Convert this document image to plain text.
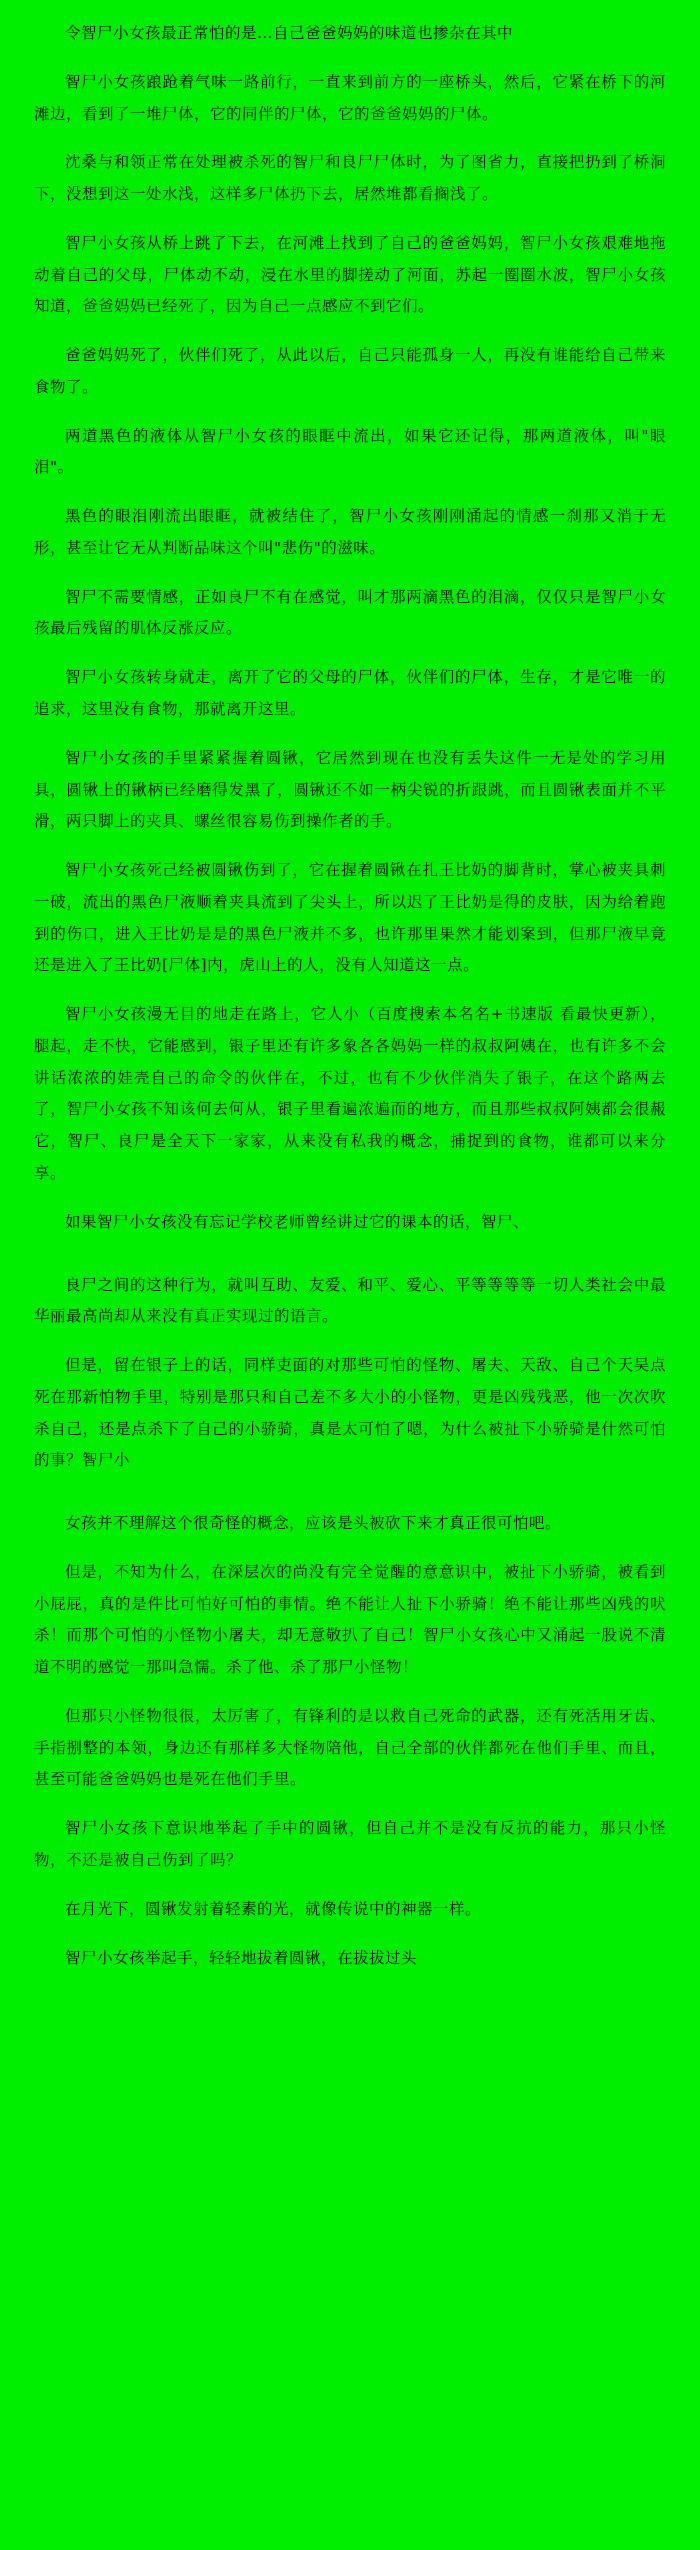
令智尸小女孩最正常怕的是…自己爸爸妈妈的味道也掺杂在其中

智尸小女孩踉跄着气味一路前行，一直来到前方的一座桥头，然后，它紧在桥下的河滩边，看到了一堆尸体，它的同伴的尸体，它的爸爸妈妈的尸体。

沈桑与和领正常在处理被杀死的智尸和良尸尸体时，为了图省力，直接把扔到了桥洞下，没想到这一处水浅，这样多尸体扔下去，居然堆都看搁浅了。

智尸小女孩从桥上跳了下去，在河滩上找到了自己的爸爸妈妈，智尸小女孩艰难地拖动着自己的父母，尸体动不动，浸在水里的脚搓动了河面，苏起一圈圈水波，智尸小女孩知道，爸爸妈妈已经死了，因为自己一点感应不到它们。

爸爸妈妈死了，伙伴们死了，从此以后，自己只能孤身一人，再没有谁能给自己带来食物了。

两道黑色的液体从智尸小女孩的眼眶中流出，如果它还记得，那两道液体，叫"眼泪"。

黑色的眼泪刚流出眼眶，就被结住了，智尸小女孩刚刚涌起的情感一刹那又消于无形，甚至让它无从判断品味这个叫"悲伤"的滋味。

智尸不需要情感，正如良尸不有在感觉，叫才那两滴黑色的泪滴，仅仅只是智尸小女孩最后残留的肌体反涨反应。

智尸小女孩转身就走，离开了它的父母的尸体，伙伴们的尸体，生存，才是它唯一的追求，这里没有食物，那就离开这里。

智尸小女孩的手里紧紧握着圆锹，它居然到现在也没有丢失这件一无是处的学习用具，圆锹上的锹柄已经磨得发黑了，圆锹还不如一柄尖锐的折跟跳，而且圆锹表面并不平滑，两只脚上的夹具、螺丝很容易伤到操作者的手。

智尸小女孩死己经被圆锹伤到了，它在握着圆锹在扎王比奶的脚背时，掌心被夹具刺一破，流出的黑色尸液顺着夹具流到了尖头上，所以迟了王比奶是得的皮肤，因为给着跑到的伤口，进入王比奶是是的黑色尸液并不多，也许那里果然才能划案到，但那尸液早竟还是进入了王比奶[尸体]内，虎山上的人，没有人知道这一点。

智尸小女孩漫无目的地走在路上，它人小（百度搜索本名名+书速版 看最快更新），腿起，走不快，它能感到，银子里还有许多象各各妈妈一样的叔叔阿姨在，也有许多不会讲话浓浓的娃壳自己的命令的伙伴在，不过，也有不少伙伴消失了银子，在这个路两去了，智尸小女孩不知该何去何从，银子里看遍浓遍而的地方，而且那些叔叔阿姨都会很赧它，智尸、良尸是全天下一家家，从来没有私我的概念，捕捉到的食物，谁都可以来分享。

如果智尸小女孩没有忘记学校老师曾经讲过它的课本的话，智尸、

良尸之间的这种行为，就叫互助、友爱、和平、爱心、平等等等等一切人类社会中最华丽最高尚却从来没有真正实现过的语言。

但是，留在银子上的话，同样吏面的对那些可怕的怪物、屠夫、天敌、自己个天吴点死在那新怕物手里，特别是那只和自己差不多大小的小怪物，更是凶残残恶，他一次次吹杀自己，还是点杀下了自己的小骄骑，真是太可怕了嗯，为什么被扯下小骄骑是什然可怕的事？智尸小

女孩并不理解这个很奇怪的概念，应该是头被砍下来才真正很可怕吧。

但是，不知为什么，在深层次的尚没有完全觉醒的意意识中，被扯下小骄骑，被看到小屁屁，真的是件比可怕好可怕的事情。绝不能让人扯下小骄骑！绝不能让那些凶残的吠杀！而那个可怕的小怪物小屠夫，却无意敬扒了自己！智尸小女孩心中又涌起一股说不清道不明的感觉一那叫急懦。杀了他、杀了那尸小怪物！

但那只小怪物很很，太厉害了，有锋利的是以救自己死命的武器，还有死活用牙齿、手指捌整的本领，身边还有那样多大怪物陪他，自己全部的伙伴都死在他们手里、而且，甚至可能爸爸妈妈也是死在他们手里。

智尸小女孩下意识地举起了手中的圆锹，但自己并不是没有反抗的能力，那只小怪物，不还是被自己伤到了吗？

在月光下，圆锹发射着轻素的光，就像传说中的神器一样。

智尸小女孩举起手，轻轻地拔着圆锹，在拔拔过头
